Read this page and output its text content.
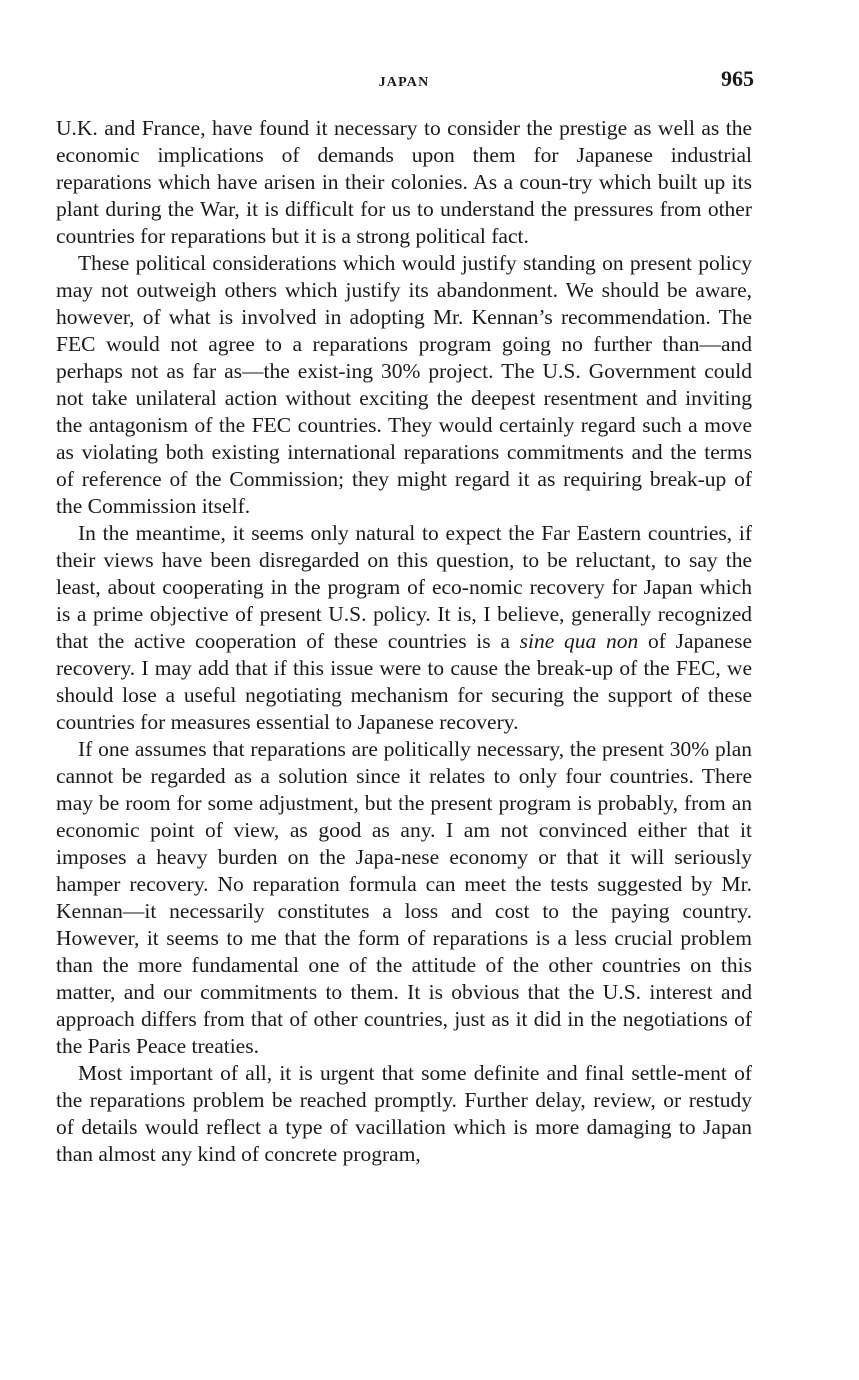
JAPAN	965

U.K. and France, have found it necessary to consider the prestige as well as the economic implications of demands upon them for Japanese industrial reparations which have arisen in their colonies. As a coun-try which built up its plant during the War, it is difficult for us to understand the pressures from other countries for reparations but it is a strong political fact.

These political considerations which would justify standing on present policy may not outweigh others which justify its abandonment. We should be aware, however, of what is involved in adopting Mr. Kennan’s recommendation. The FEC would not agree to a reparations program going no further than—and perhaps not as far as—the exist-ing 30% project. The U.S. Government could not take unilateral action without exciting the deepest resentment and inviting the antagonism of the FEC countries. They would certainly regard such a move as violating both existing international reparations commitments and the terms of reference of the Commission; they might regard it as requiring break-up of the Commission itself.

In the meantime, it seems only natural to expect the Far Eastern countries, if their views have been disregarded on this question, to be reluctant, to say the least, about cooperating in the program of eco-nomic recovery for Japan which is a prime objective of present U.S. policy. It is, I believe, generally recognized that the active cooperation of these countries is a sine qua non of Japanese recovery. I may add that if this issue were to cause the break-up of the FEC, we should lose a useful negotiating mechanism for securing the support of these countries for measures essential to Japanese recovery.

If one assumes that reparations are politically necessary, the present 30% plan cannot be regarded as a solution since it relates to only four countries. There may be room for some adjustment, but the present program is probably, from an economic point of view, as good as any. I am not convinced either that it imposes a heavy burden on the Japa-nese economy or that it will seriously hamper recovery. No reparation formula can meet the tests suggested by Mr. Kennan—it necessarily constitutes a loss and cost to the paying country. However, it seems to me that the form of reparations is a less crucial problem than the more fundamental one of the attitude of the other countries on this matter, and our commitments to them. It is obvious that the U.S. interest and approach differs from that of other countries, just as it did in the negotiations of the Paris Peace treaties.

Most important of all, it is urgent that some definite and final settle-ment of the reparations problem be reached promptly. Further delay, review, or restudy of details would reflect a type of vacillation which is more damaging to Japan than almost any kind of concrete program,
